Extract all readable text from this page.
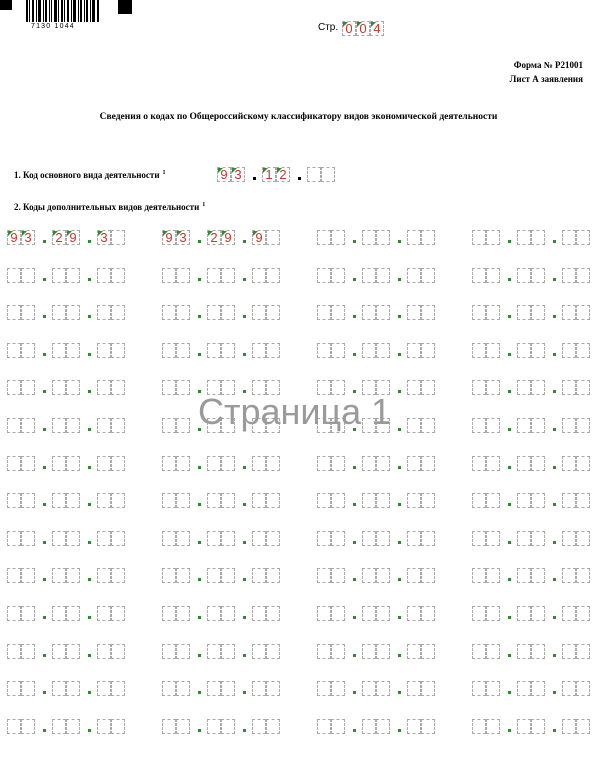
7130 1044	Стр. 0 0 4
Форма № Р21001
Лист А заявления
Сведения о кодах по Общероссийскому классификатору видов экономической деятельности
1. Код основного вида деятельности $^1$	9 3 1 2
2. Коды дополнительных видов деятельности $^1$
9 3 2 9 3	9 3 2 9 9
Страница 1
